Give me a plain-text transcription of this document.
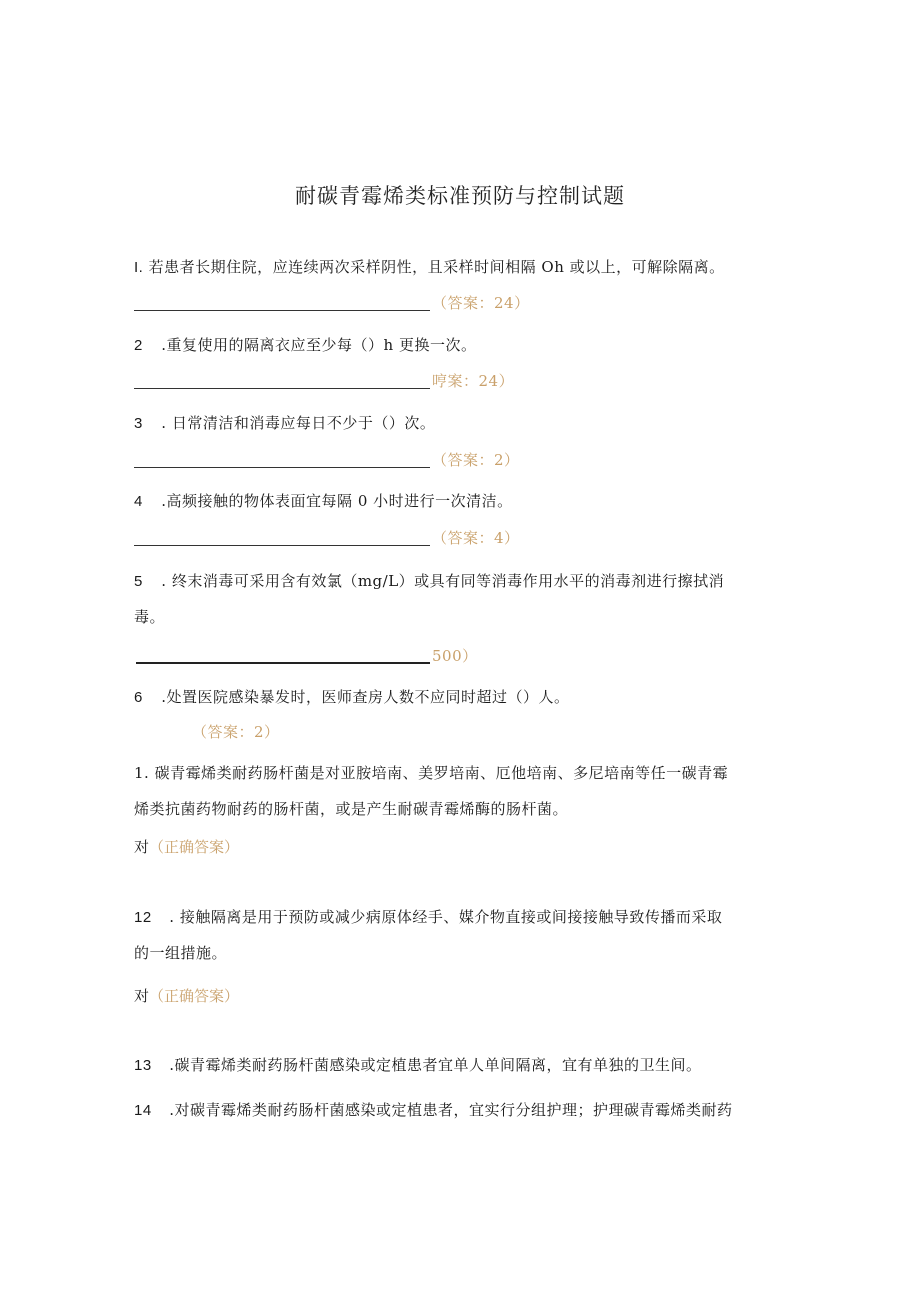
耐碳青霉烯类标准预防与控制试题
I. 若患者长期住院，应连续两次采样阴性，且采样时间相隔 Oh 或以上，可解除隔离。
（答案：24）
2 .重复使用的隔离衣应至少每（）h 更换一次。
哼案：24）
3 . 日常清洁和消毒应每日不少于（）次。
（答案：2）
4 .高频接触的物体表面宜每隔 0 小时进行一次清洁。
（答案：4）
5 . 终末消毒可采用含有效氯（mg/L）或具有同等消毒作用水平的消毒剂进行擦拭消
毒。
500）
6 .处置医院感染暴发时，医师查房人数不应同时超过（）人。
（答案：2）
1. 碳青霉烯类耐药肠杆菌是对亚胺培南、美罗培南、厄他培南、多尼培南等任一碳青霉
烯类抗菌药物耐药的肠杆菌，或是产生耐碳青霉烯酶的肠杆菌。
对（正确答案）
12 . 接触隔离是用于预防或减少病原体经手、媒介物直接或间接接触导致传播而采取
的一组措施。
对（正确答案）
13 .碳青霉烯类耐药肠杆菌感染或定植患者宜单人单间隔离，宜有单独的卫生间。
14 .对碳青霉烯类耐药肠杆菌感染或定植患者，宜实行分组护理；护理碳青霉烯类耐药
